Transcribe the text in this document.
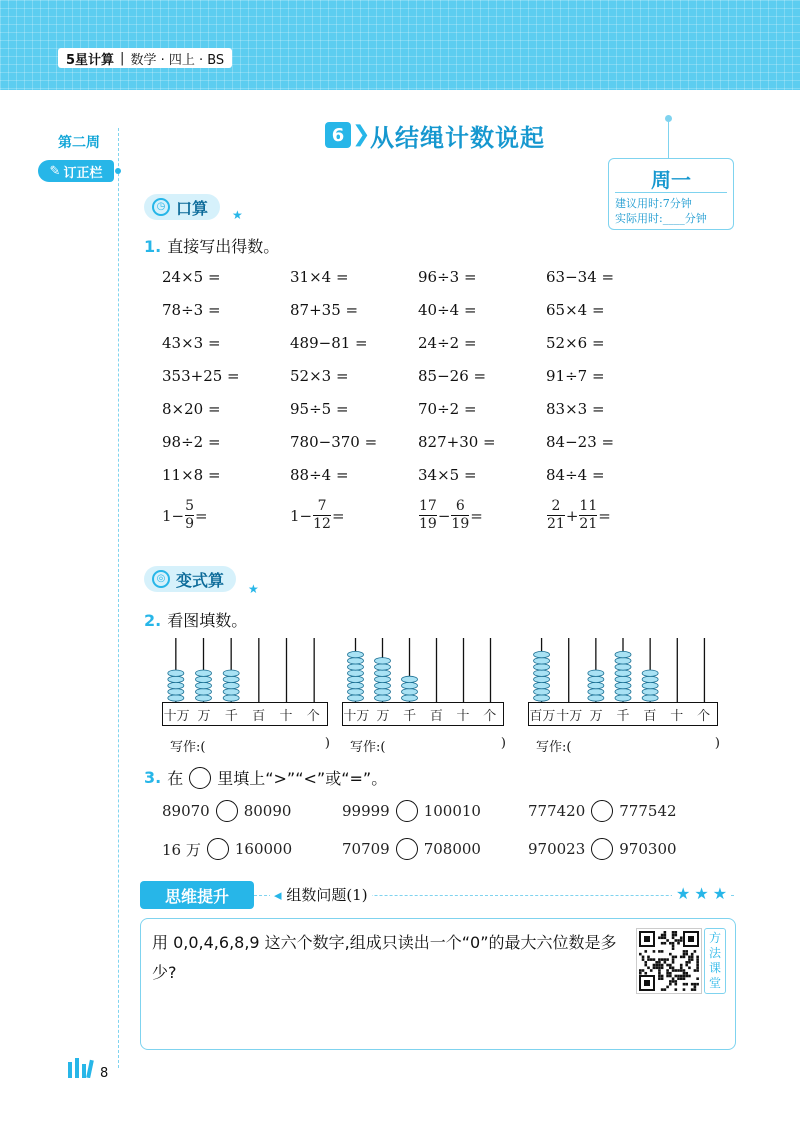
5星计算 | 数学 · 四上 · BS
第二周
✎ 订正栏
6 ❯ 从结绳计数说起
周一
建议用时:7分钟
实际用时:____分钟
◷ 口算 ★
1. 直接写出得数。
24×5 =	31×4 =	96÷3 =	63−34 =
78÷3 =	87+35 =	40÷4 =	65×4 =
43×3 =	489−81 =	24÷2 =	52×6 =
353+25 =	52×3 =	85−26 =	91÷7 =
8×20 =	95÷5 =	70÷2 =	83×3 =
98÷2 =	780−370 =	827+30 =	84−23 =
11×8 =	88÷4 =	34×5 =	84÷4 =
$1 - \frac{5}{9}$ =	$1 - \frac{7}{12}$ =	$\frac{17}{19} - \frac{6}{19}$ =	$\frac{2}{21} + \frac{11}{21}$ =
◎ 变式算 ★
2. 看图填数。
十万 万	千	百	十	个
写作:(	)
十万 万	千	百	十	个
写作:(	)
百万 十万 万	千	百	十	个
写作:(	)
3. 在 里填上“>”“<”或“=”。
89070 80090	99999 100010	777420 777542
16 万 160000	70709 708000	970023 970300
思维提升	◂ 组数问题(1)	★★★
用 0,0,4,6,8,9 这六个数字,组成只读出一个“0”的最大六位数是多少?
方
法
课
堂
8
